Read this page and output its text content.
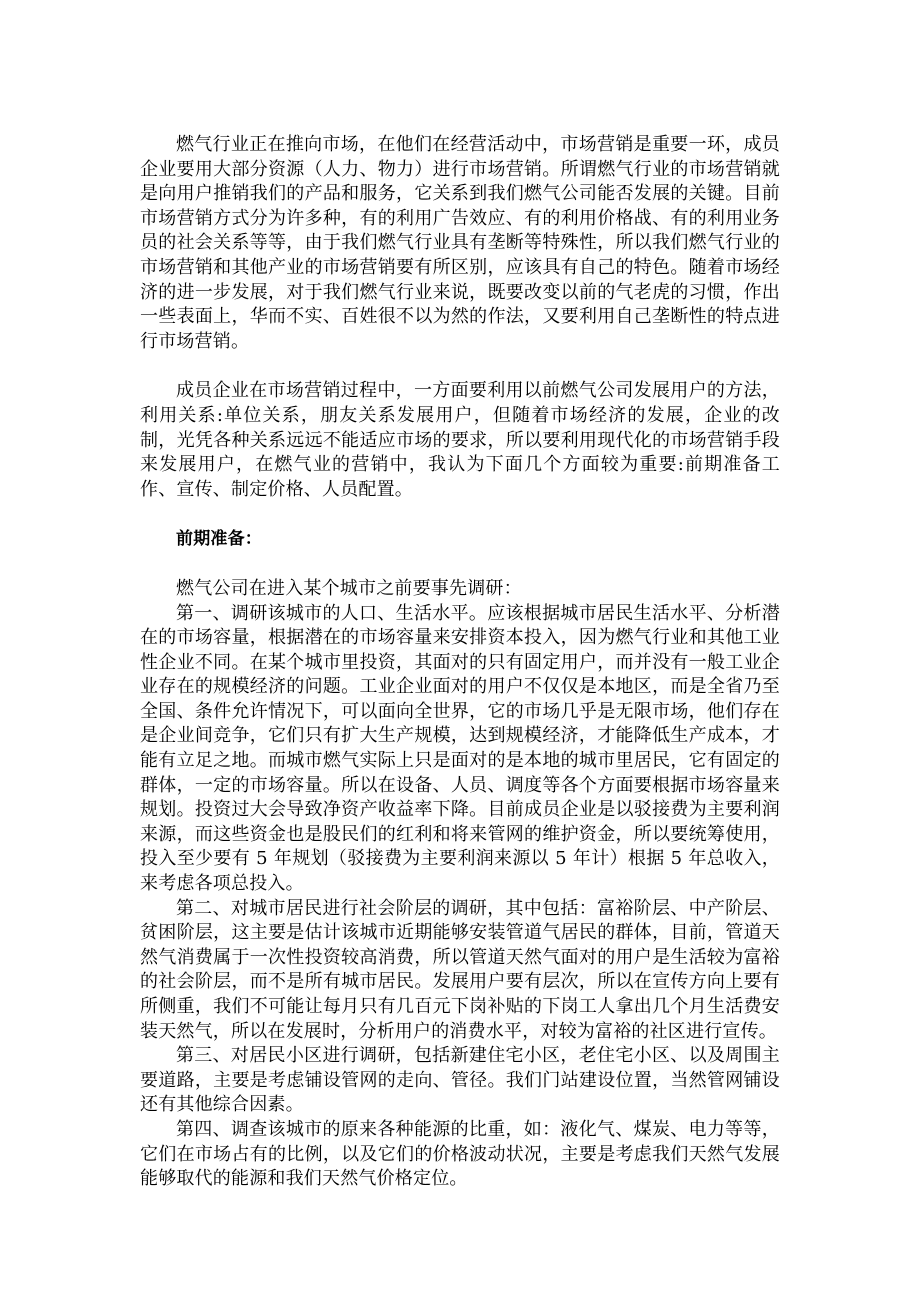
燃气行业正在推向市场，在他们在经营活动中，市场营销是重要一环，成员企业要用大部分资源（人力、物力）进行市场营销。所谓燃气行业的市场营销就是向用户推销我们的产品和服务，它关系到我们燃气公司能否发展的关键。目前市场营销方式分为许多种，有的利用广告效应、有的利用价格战、有的利用业务员的社会关系等等，由于我们燃气行业具有垄断等特殊性，所以我们燃气行业的市场营销和其他产业的市场营销要有所区别，应该具有自己的特色。随着市场经济的进一步发展，对于我们燃气行业来说，既要改变以前的气老虎的习惯，作出一些表面上，华而不实、百姓很不以为然的作法，又要利用自己垄断性的特点进行市场营销。

成员企业在市场营销过程中，一方面要利用以前燃气公司发展用户的方法，利用关系:单位关系，朋友关系发展用户，但随着市场经济的发展，企业的改制，光凭各种关系远远不能适应市场的要求，所以要利用现代化的市场营销手段来发展用户，在燃气业的营销中，我认为下面几个方面较为重要:前期准备工作、宣传、制定价格、人员配置。

前期准备：

燃气公司在进入某个城市之前要事先调研：

第一、调研该城市的人口、生活水平。应该根据城市居民生活水平、分析潜在的市场容量，根据潜在的市场容量来安排资本投入，因为燃气行业和其他工业性企业不同。在某个城市里投资，其面对的只有固定用户，而并没有一般工业企业存在的规模经济的问题。工业企业面对的用户不仅仅是本地区，而是全省乃至全国、条件允许情况下，可以面向全世界，它的市场几乎是无限市场，他们存在是企业间竞争，它们只有扩大生产规模，达到规模经济，才能降低生产成本，才能有立足之地。而城市燃气实际上只是面对的是本地的城市里居民，它有固定的群体，一定的市场容量。所以在设备、人员、调度等各个方面要根据市场容量来规划。投资过大会导致净资产收益率下降。目前成员企业是以驳接费为主要利润来源，而这些资金也是股民们的红利和将来管网的维护资金，所以要统筹使用，投入至少要有 5 年规划（驳接费为主要利润来源以 5 年计）根据 5 年总收入，来考虑各项总投入。

第二、对城市居民进行社会阶层的调研，其中包括：富裕阶层、中产阶层、贫困阶层，这主要是估计该城市近期能够安装管道气居民的群体，目前，管道天然气消费属于一次性投资较高消费，所以管道天然气面对的用户是生活较为富裕的社会阶层，而不是所有城市居民。发展用户要有层次，所以在宣传方向上要有所侧重，我们不可能让每月只有几百元下岗补贴的下岗工人拿出几个月生活费安装天然气，所以在发展时，分析用户的消费水平，对较为富裕的社区进行宣传。

第三、对居民小区进行调研，包括新建住宅小区，老住宅小区、以及周围主要道路，主要是考虑铺设管网的走向、管径。我们门站建设位置，当然管网铺设还有其他综合因素。

第四、调查该城市的原来各种能源的比重，如：液化气、煤炭、电力等等，它们在市场占有的比例，以及它们的价格波动状况，主要是考虑我们天然气发展能够取代的能源和我们天然气价格定位。
